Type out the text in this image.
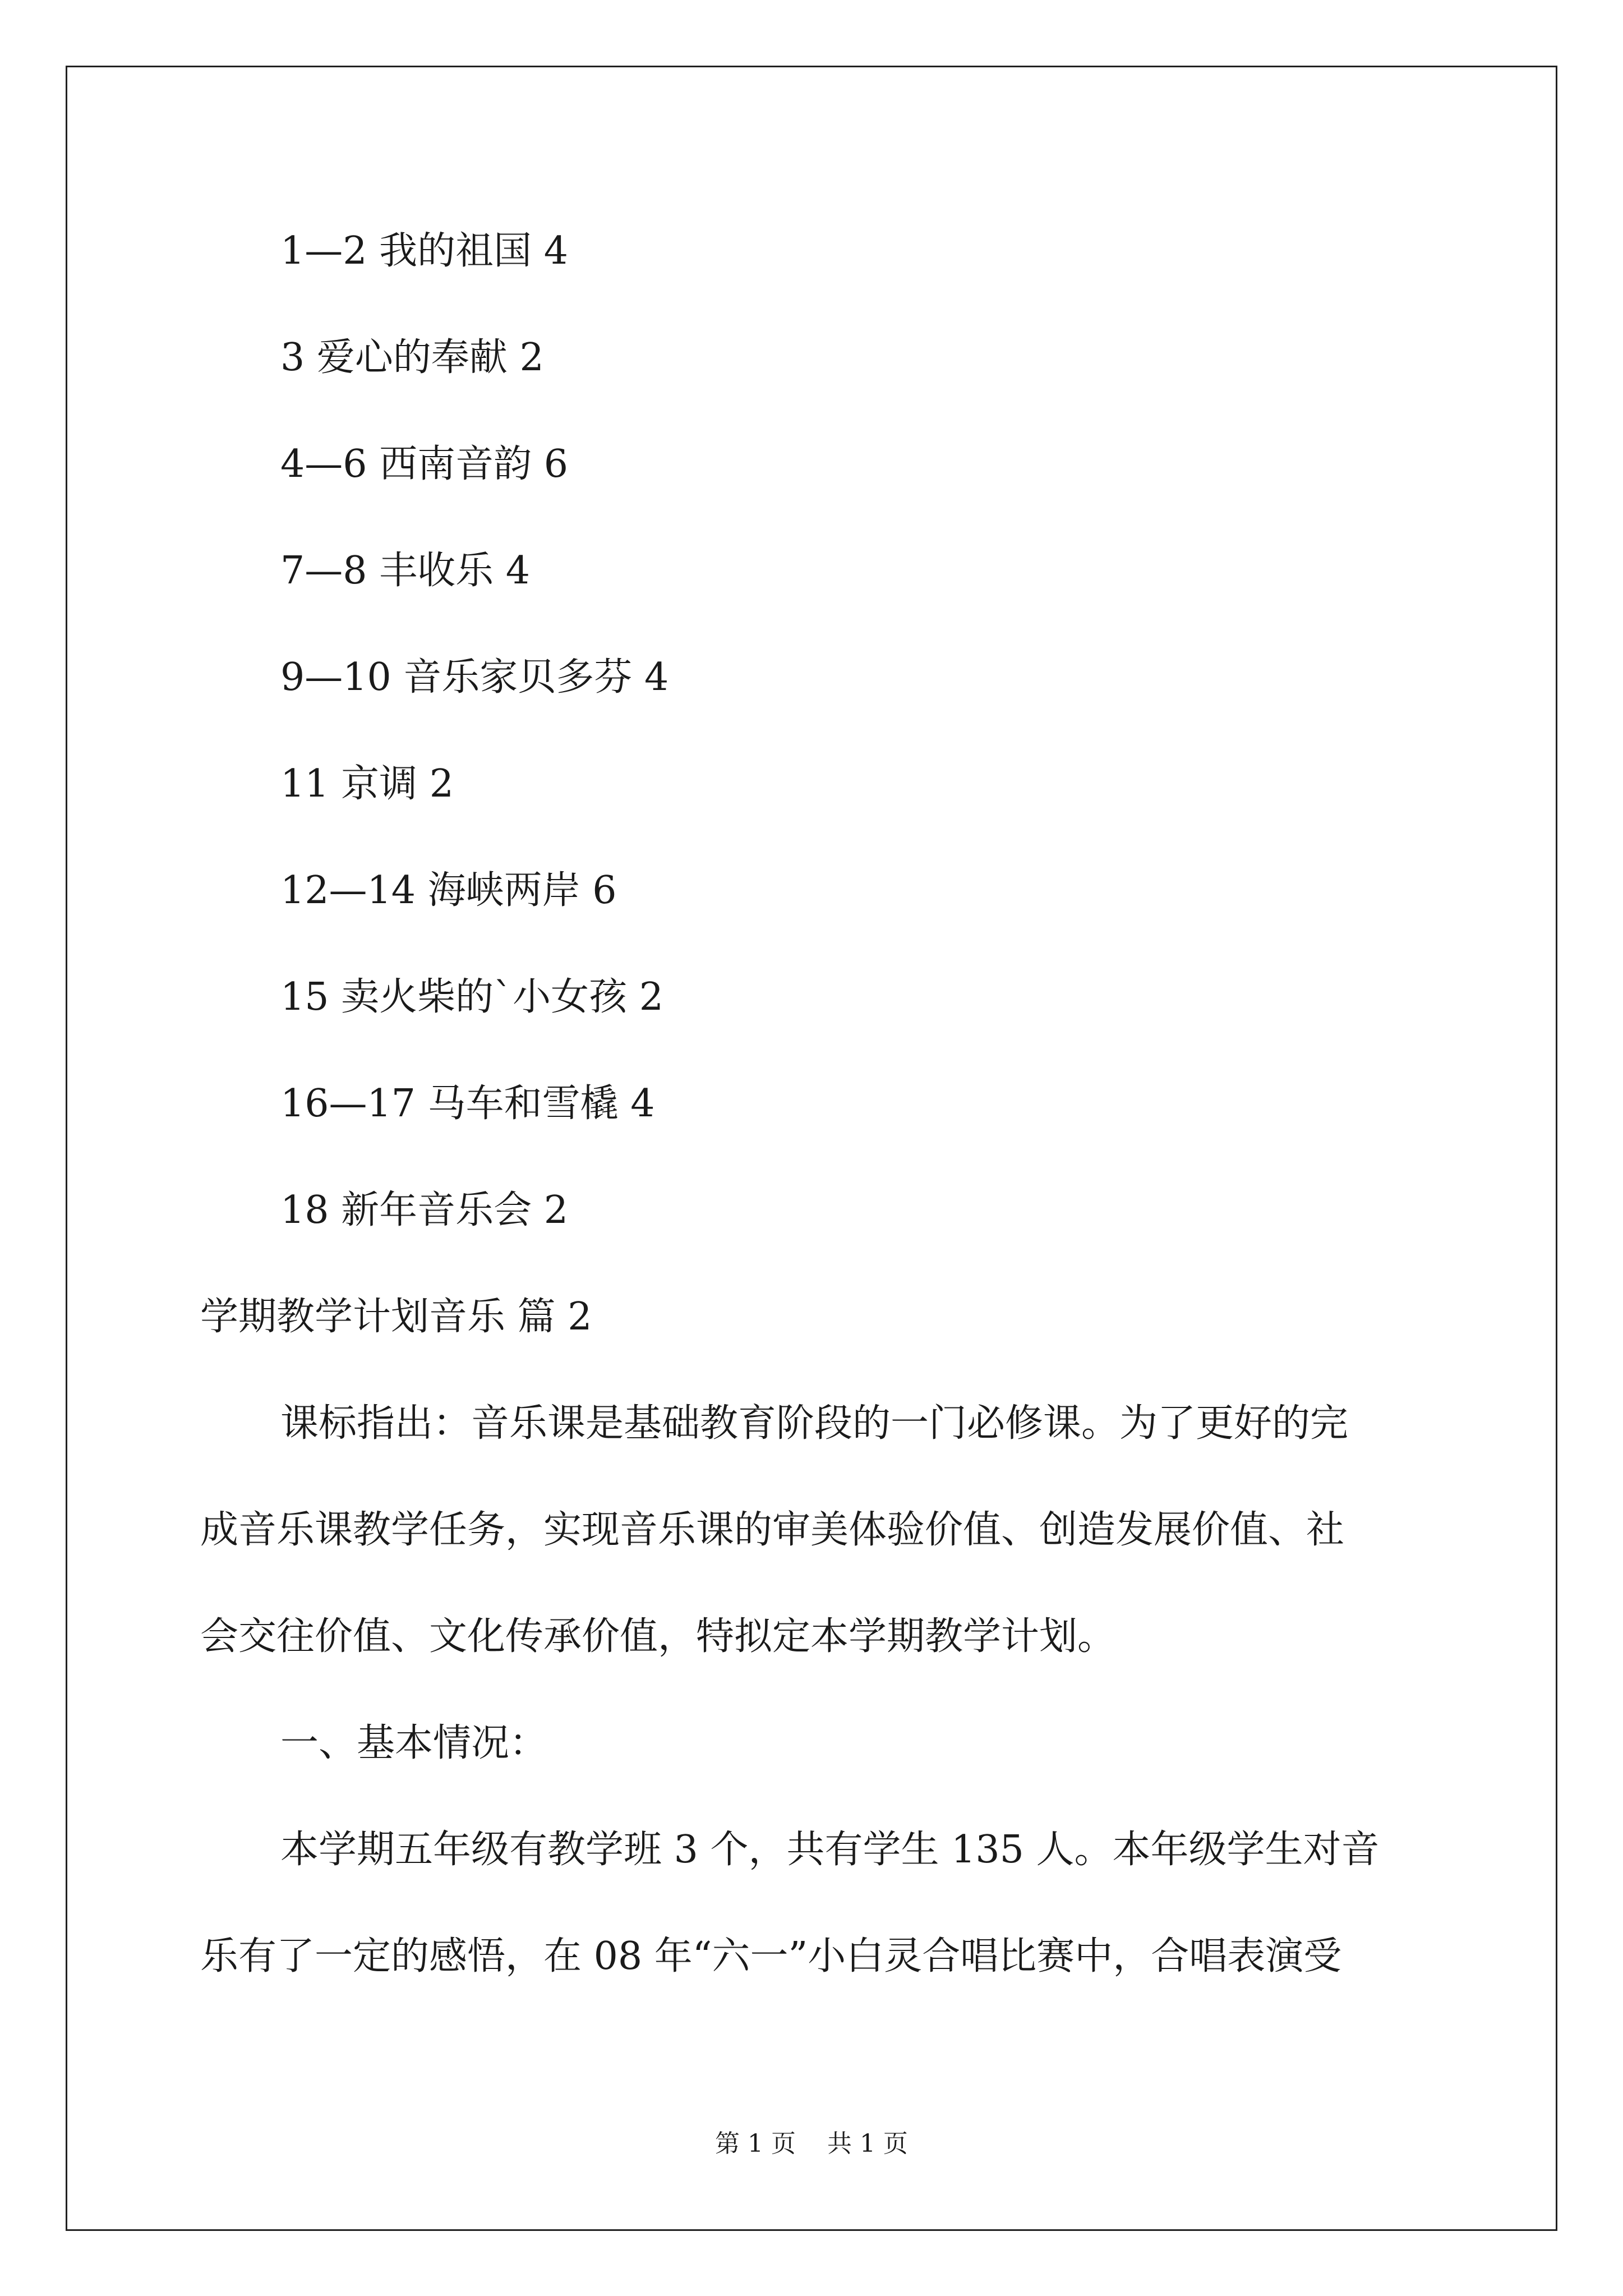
1—2 我的祖国 4
3 爱心的奉献 2
4—6 西南音韵 6
7—8 丰收乐 4
9—10 音乐家贝多芬 4
11 京调 2
12—14 海峡两岸 6
15 卖火柴的`小女孩 2
16—17 马车和雪橇 4
18 新年音乐会 2
学期教学计划音乐 篇 2
课标指出：音乐课是基础教育阶段的一门必修课。为了更好的完
成音乐课教学任务，实现音乐课的审美体验价值、创造发展价值、社
会交往价值、文化传承价值，特拟定本学期教学计划。
一、基本情况：
本学期五年级有教学班 3 个，共有学生 135 人。本年级学生对音
乐有了一定的感悟，在 08 年“六一”小白灵合唱比赛中，合唱表演受
第 1 页    共 1 页
